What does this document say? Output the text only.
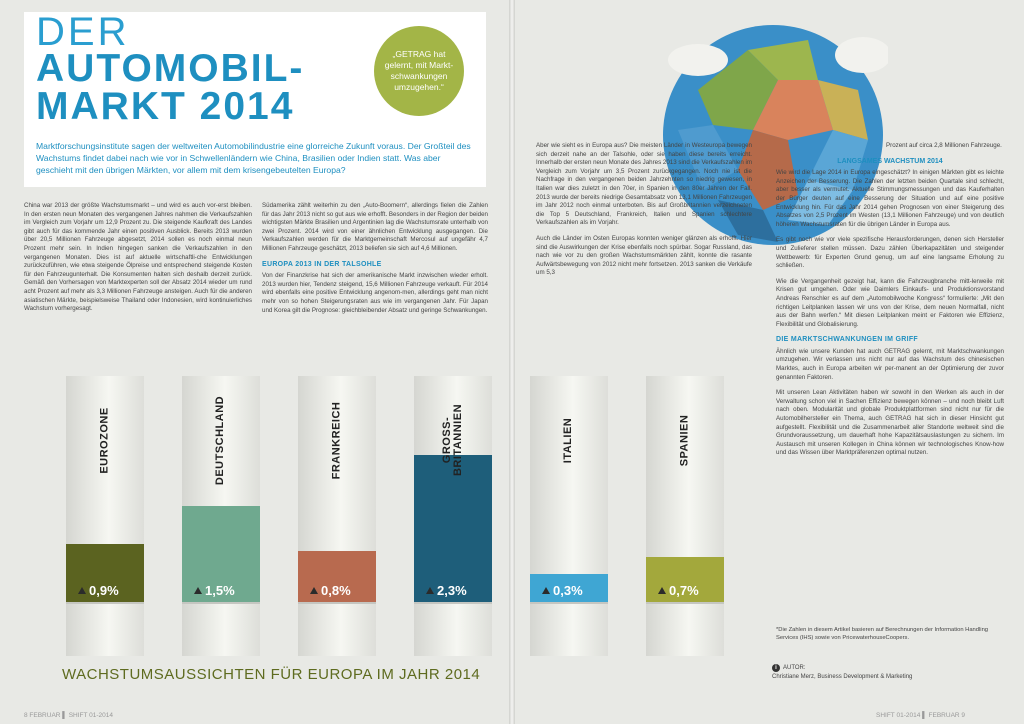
DER
AUTOMOBIL-
MARKT 2014
„GETRAG hat gelernt, mit Markt-schwankungen umzugehen.“
Marktforschungsinstitute sagen der weltweiten Automobilindustrie eine glorreiche Zukunft voraus. Der Großteil des Wachstums findet dabei nach wie vor in Schwellenländern wie China, Brasilien oder Indien statt. Was aber geschieht mit den übrigen Märkten, vor allem mit dem krisengebeutelten Europa?

China war 2013 der größte Wachstumsmarkt – und wird es auch vor-erst bleiben. In den ersten neun Monaten des vergangenen Jahres nahmen die Verkaufszahlen im Vergleich zum Vorjahr um 12,9 Prozent zu. Die steigende Kaufkraft des Landes gibt auch für das kommende Jahr einen positiven Ausblick. Bereits 2013 wurden über 20,5 Millionen Fahrzeuge abgesetzt, 2014 sollen es noch einmal neun Prozent mehr sein. In Indien hingegen sanken die Verkaufszahlen in den vergangenen Monaten. Dies ist auf aktuelle wirtschaftli-che Entwicklungen zurückzuführen, wie etwa steigende Ölpreise und entsprechend steigende Kosten für den Fahrzeugunterhalt. Die Konsumenten halten sich deshalb derzeit zurück. Gemäß den Vorhersagen von Marktexperten soll der Absatz 2014 wieder um rund acht Prozent auf mehr als 3,3 Millionen Fahrzeuge ansteigen. Auch für die anderen asiatischen Märkte, beispielsweise Thailand oder Indonesien, wird kontinuierliches Wachstum vorhergesagt.

Südamerika zählt weiterhin zu den „Auto-Boomern“, allerdings fielen die Zahlen für das Jahr 2013 nicht so gut aus wie erhofft. Besonders in der Region der beiden wichtigsten Märkte Brasilien und Argentinien lag die Wachstumsrate unterhalb von zwei Prozent. 2014 wird von einer ähnlichen Entwicklung ausgegangen. Die Verkaufszahlen werden für die Marktgemeinschaft Mercosul auf ungefähr 4,7 Millionen Fahrzeuge geschätzt, 2013 beliefen sie sich auf 4,6 Millionen.

EUROPA 2013 IN DER TALSOHLE

Von der Finanzkrise hat sich der amerikanische Markt inzwischen wieder erholt. 2013 wurden hier, Tendenz steigend, 15,6 Millionen Fahrzeuge verkauft. Für 2014 wird ebenfalls eine positive Entwicklung angenom-men, allerdings geht man nicht mehr von so hohen Steigerungsraten aus wie im vergangenen Jahr. Für Japan und Korea gilt die Prognose: gleichbleibender Absatz und geringe Schwankungen.

Aber wie sieht es in Europa aus? Die meisten Länder in Westeuropa bewegen sich derzeit nahe an der Talsohle, oder sie haben diese bereits erreicht. Innerhalb der ersten neun Monate des Jahres 2013 sind die Verkaufszahlen im Vergleich zum Vorjahr um 3,5 Prozent zurückgegangen. Noch nie ist die Nachfrage in den vergangenen beiden Jahrzehnten so niedrig gewesen, in Italien war dies zuletzt in den 70er, in Spanien in den 80er Jahren der Fall. 2013 wurde der bereits niedrige Gesamtabsatz von 13,1 Millionen Fahrzeugen im Jahr 2012 noch einmal unterboten. Bis auf Großbritannien verzeichneten die Top 5 Deutschland, Frankreich, Italien und Spanien schlechtere Verkaufszahlen als im Vorjahr.

Auch die Länder im Osten Europas konnten weniger glänzen als erhofft. Hier sind die Auswirkungen der Krise ebenfalls noch spürbar. Sogar Russland, das nach wie vor zu den großen Wachstumsmärkten zählt, konnte die rasante Aufwärtsbewegung von 2012 nicht mehr fortsetzen. 2013 sanken die Verkäufe um 5,3

Prozent auf circa 2,8 Millionen Fahrzeuge.

LANGSAMES WACHSTUM 2014

Wie wird die Lage 2014 in Europa eingeschätzt? In einigen Märkten gibt es leichte Anzeichen der Besserung. Die Zahlen der letzten beiden Quartale sind schlecht, aber besser als vermutet. Aktuelle Stimmungsmessungen und das Kauferhalten der Bürger deuten auf eine Besserung der Situation und auf eine positive Entwicklung hin. Für das Jahr 2014 gehen Prognosen von einer Steigerung des Absatzes von 2,5 Prozent im Westen (13,1 Millionen Fahrzeuge) und von deutlich höheren Wachstumsraten für die übrigen Länder in Europa aus.

Es gibt noch wie vor viele spezifische Herausforderungen, denen sich Hersteller und Zulieferer stellen müssen. Dazu zählen Überkapazitäten und steigender Wettbewerb: für Experten Grund genug, um auf eine langsame Erholung zu schließen.

Wie die Vergangenheit gezeigt hat, kann die Fahrzeugbranche mitt-lerweile mit Krisen gut umgehen. Oder wie Daimlers Einkaufs- und Produktionsvorstand Andreas Renschler es auf dem „Automobilwoche Kongress“ formulierte: „Mit den richtigen Leitplanken lassen wir uns von der Krise, dem neuen Normalfall, nicht aus der Bahn werfen.“ Mit diesen Leitplanken meint er Faktoren wie Effizienz, Flexibilität und Globalisierung.

DIE MARKTSCHWANKUNGEN IM GRIFF

Ähnlich wie unsere Kunden hat auch GETRAG gelernt, mit Marktschwankungen umzugehen. Wir verlassen uns nicht nur auf das Wachstum des chinesischen Marktes, auch in Europa arbeiten wir per-manent an der Optimierung der zuvor genannten Faktoren.

Mit unseren Lean Aktivitäten haben wir sowohl in den Werken als auch in der Verwaltung schon viel in Sachen Effizienz bewegen können – und noch bleibt Luft nach oben. Modularität und globale Produktplattformen sind nicht nur für die Automobilhersteller ein Thema, auch GETRAG hat sich in dieser Hinsicht gut aufgestellt. Flexibilität und die Zusammenarbeit aller Standorte weltweit sind die Grundvoraussetzung, um dauerhaft hohe Kapazitätsauslastungen zu sichern. Im Austausch mit unseren Kollegen in China können wir technologisches Know-how und das Wissen über Marktpräferenzen optimal nutzen.

*Die Zahlen in diesem Artikel basieren auf Berechnungen der Information Handling Services (IHS) sowie von PricewaterhouseCoopers.
i AUTOR:
Christiane Merz, Business Development & Marketing
EUROZONE
0,9%
DEUTSCHLAND
1,5%
FRANKREICH
0,8%
GROSS-
BRITANNIEN
2,3%
ITALIEN
0,3%
SPANIEN
0,7%
WACHSTUMSAUSSICHTEN FÜR EUROPA IM JAHR 2014
8 FEBRUAR ▌ SHIFT 01-2014	SHIFT 01-2014 ▌ FEBRUAR 9
